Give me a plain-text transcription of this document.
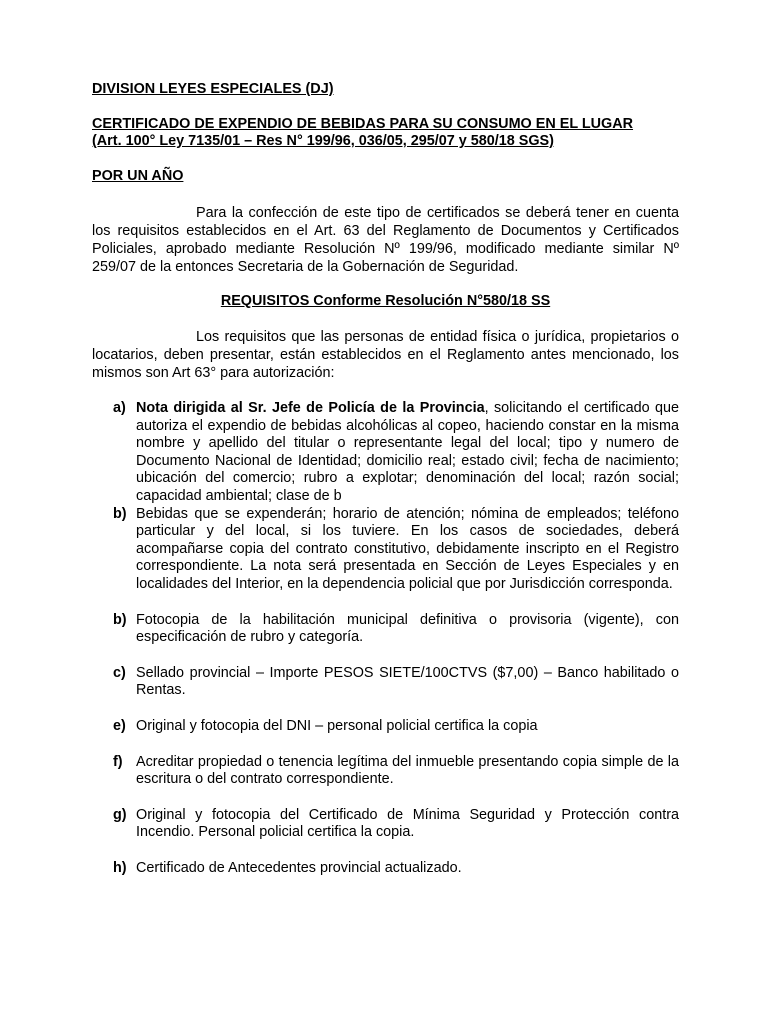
DIVISION LEYES ESPECIALES (DJ)

CERTIFICADO DE EXPENDIO DE BEBIDAS PARA SU CONSUMO EN EL LUGAR

(Art. 100° Ley 7135/01 – Res N° 199/96, 036/05, 295/07 y 580/18 SGS)

POR UN AÑO

Para la confección de este tipo de certificados se deberá tener en cuenta los requisitos establecidos en el Art. 63 del Reglamento de Documentos y Certificados Policiales, aprobado mediante Resolución Nº 199/96, modificado mediante similar Nº 259/07 de la entonces Secretaria de la Gobernación de Seguridad.

REQUISITOS Conforme Resolución N°580/18 SS

Los requisitos que las personas de entidad física o jurídica, propietarios o locatarios, deben presentar, están establecidos en el Reglamento antes mencionado, los mismos son Art 63° para autorización:

a) Nota dirigida al Sr. Jefe de Policía de la Provincia, solicitando el certificado que autoriza el expendio de bebidas alcohólicas al copeo, haciendo constar en la misma nombre y apellido del titular o representante legal del local; tipo y numero de Documento Nacional de Identidad; domicilio real; estado civil; fecha de nacimiento; ubicación del comercio; rubro a explotar; denominación del local; razón social; capacidad ambiental; clase de b
b) Bebidas que se expenderán; horario de atención; nómina de empleados; teléfono particular y del local, si los tuviere. En los casos de sociedades, deberá acompañarse copia del contrato constitutivo, debidamente inscripto en el Registro correspondiente. La nota será presentada en Sección de Leyes Especiales y en localidades del Interior, en la dependencia policial que por Jurisdicción corresponda.
b) Fotocopia de la habilitación municipal definitiva o provisoria (vigente), con especificación de rubro y categoría.
c) Sellado provincial – Importe PESOS SIETE/100CTVS ($7,00) – Banco habilitado o Rentas.
e) Original y fotocopia del DNI – personal policial certifica la copia
f) Acreditar propiedad o tenencia legítima del inmueble presentando copia simple de la escritura o del contrato correspondiente.
g) Original y fotocopia del Certificado de Mínima Seguridad y Protección contra Incendio. Personal policial certifica la copia.
h) Certificado de Antecedentes provincial actualizado.
